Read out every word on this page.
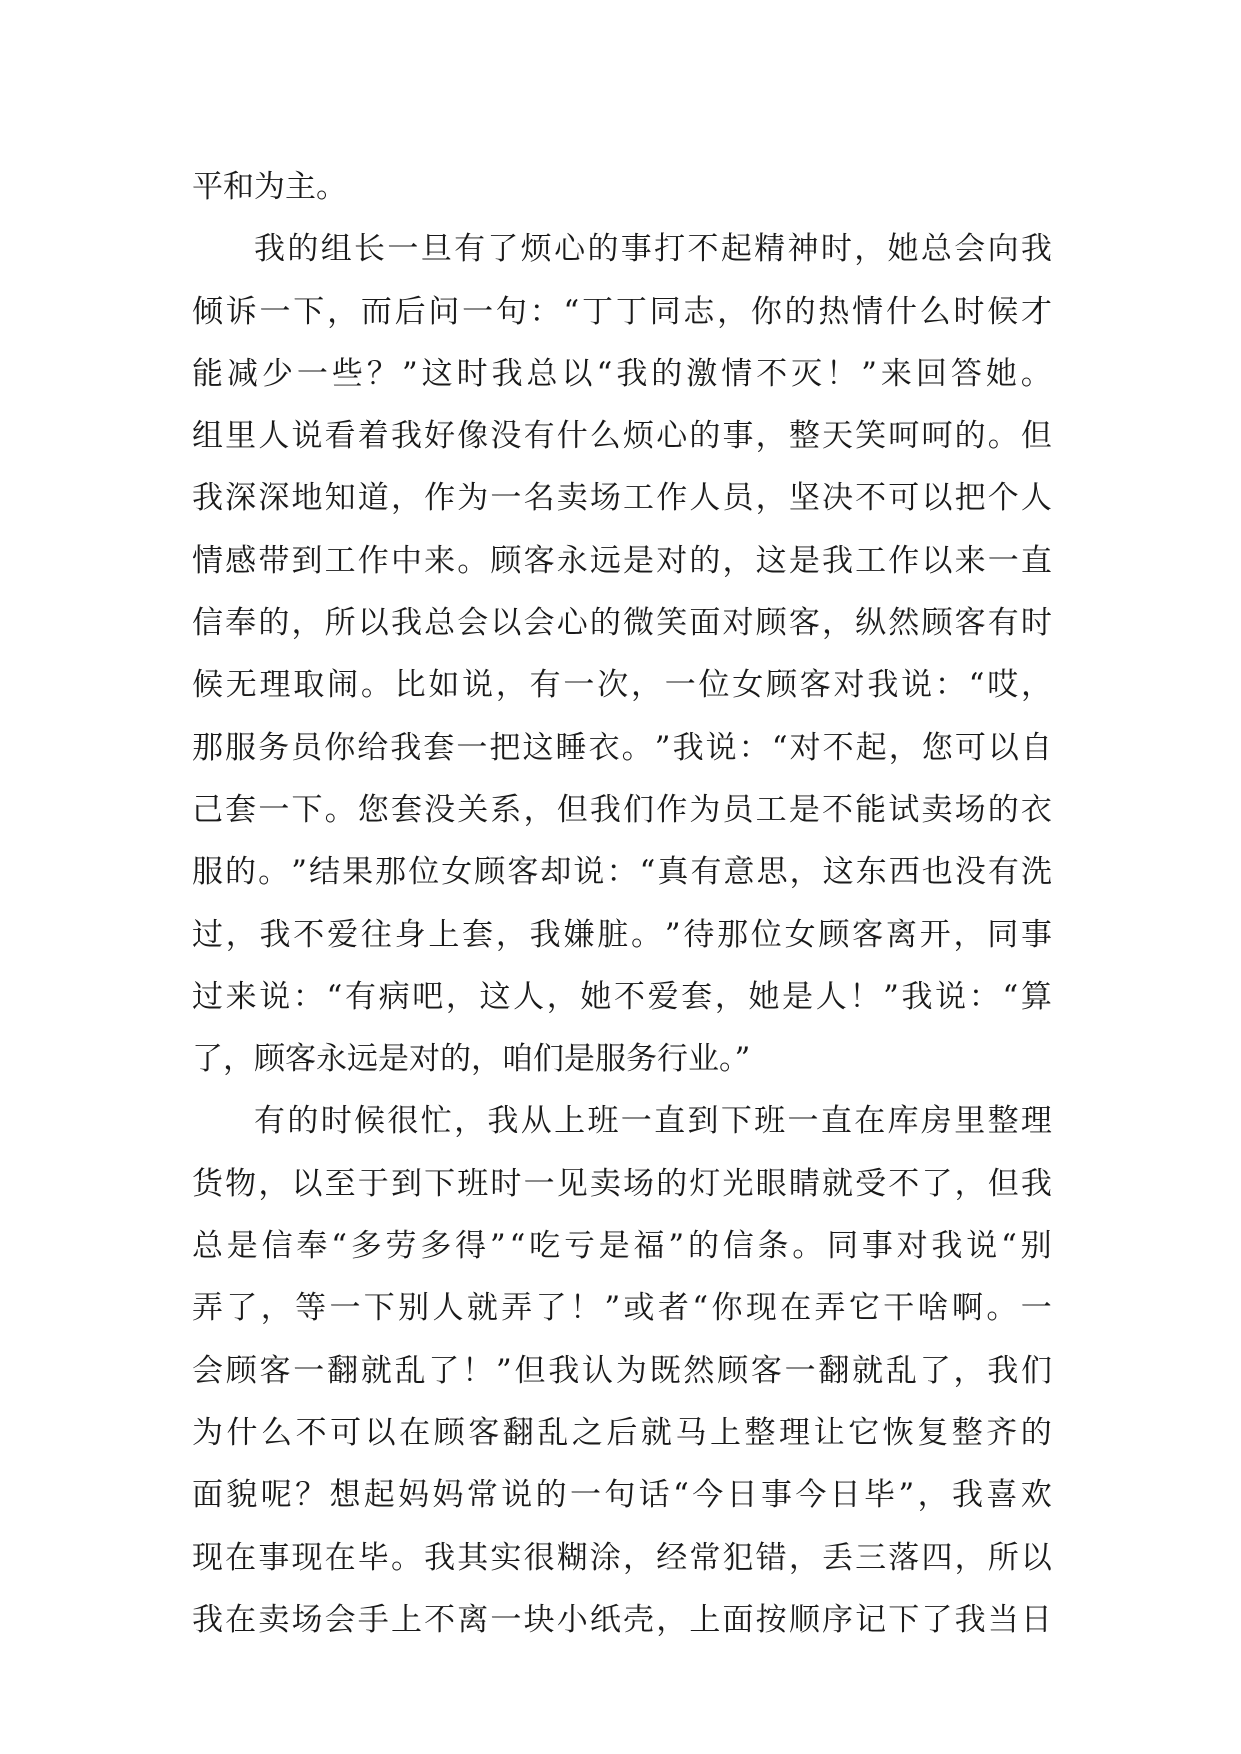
平和为主。
我 的 组 长 一 旦 有 了 烦 心 的 事 打 不 起 精 神 时 ， 她 总 会 向 我
倾 诉 一 下 ， 而 后 问 一 句 ： “ 丁 丁 同 志 ， 你 的 热 情 什 么 时 候 才
能 减 少 一 些 ？ ” 这 时 我 总 以 “ 我 的 激 情 不 灭 ！ ” 来 回 答 她 。
组 里 人 说 看 着 我 好 像 没 有 什 么 烦 心 的 事 ， 整 天 笑 呵 呵 的 。 但
我 深 深 地 知 道 ， 作 为 一 名 卖 场 工 作 人 员 ， 坚 决 不 可 以 把 个 人
情 感 带 到 工 作 中 来 。 顾 客 永 远 是 对 的 ， 这 是 我 工 作 以 来 一 直
信 奉 的 ， 所 以 我 总 会 以 会 心 的 微 笑 面 对 顾 客 ， 纵 然 顾 客 有 时
候 无 理 取 闹 。 比 如 说 ， 有 一 次 ， 一 位 女 顾 客 对 我 说 ： “ 哎 ，
那 服 务 员 你 给 我 套 一 把 这 睡 衣 。 ” 我 说 ： “ 对 不 起 ， 您 可 以 自
己 套 一 下 。 您 套 没 关 系 ， 但 我 们 作 为 员 工 是 不 能 试 卖 场 的 衣
服 的 。 ” 结 果 那 位 女 顾 客 却 说 ： “ 真 有 意 思 ， 这 东 西 也 没 有 洗
过 ， 我 不 爱 往 身 上 套 ， 我 嫌 脏 。 ” 待 那 位 女 顾 客 离 开 ， 同 事
过 来 说 ： “ 有 病 吧 ， 这 人 ， 她 不 爱 套 ， 她 是 人 ！ ” 我 说 ： “ 算
了，顾客永远是对的，咱们是服务行业。”
有 的 时 候 很 忙 ， 我 从 上 班 一 直 到 下 班 一 直 在 库 房 里 整 理
货 物 ， 以 至 于 到 下 班 时 一 见 卖 场 的 灯 光 眼 睛 就 受 不 了 ， 但 我
总 是 信 奉 “ 多 劳 多 得 ” “ 吃 亏 是 福 ” 的 信 条 。 同 事 对 我 说 “ 别
弄 了 ， 等 一 下 别 人 就 弄 了 ！ ” 或 者 “ 你 现 在 弄 它 干 啥 啊 。 一
会 顾 客 一 翻 就 乱 了 ！ ” 但 我 认 为 既 然 顾 客 一 翻 就 乱 了 ， 我 们
为 什 么 不 可 以 在 顾 客 翻 乱 之 后 就 马 上 整 理 让 它 恢 复 整 齐 的
面 貌 呢 ？ 想 起 妈 妈 常 说 的 一 句 话 “ 今 日 事 今 日 毕 ” ， 我 喜 欢
现 在 事 现 在 毕 。 我 其 实 很 糊 涂 ， 经 常 犯 错 ， 丢 三 落 四 ， 所 以
我 在 卖 场 会 手 上 不 离 一 块 小 纸 壳 ， 上 面 按 顺 序 记 下 了 我 当 日
